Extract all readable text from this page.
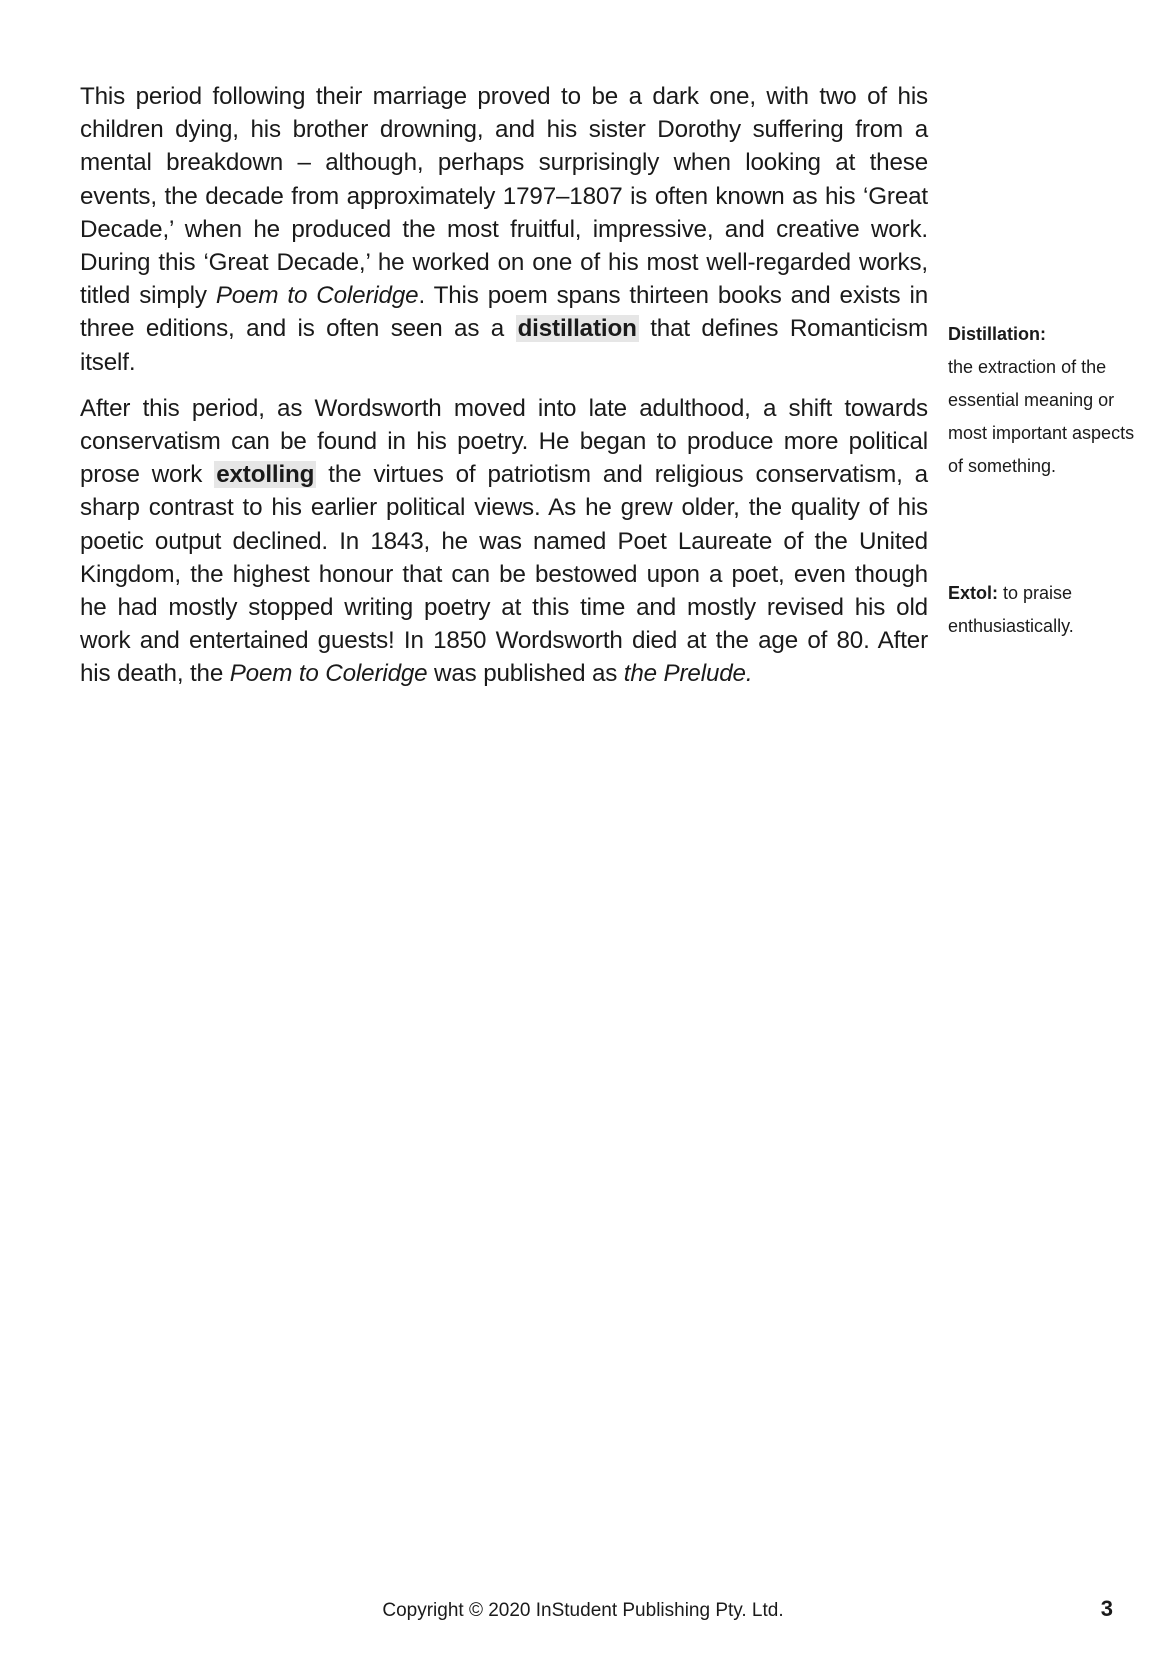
This period following their marriage proved to be a dark one, with two of his children dying, his brother drowning, and his sister Dorothy suffering from a mental breakdown – although, perhaps surprisingly when looking at these events, the decade from approximately 1797–1807 is often known as his ‘Great Decade,’ when he produced the most fruitful, impressive, and creative work. During this ‘Great Decade,’ he worked on one of his most well-regarded works, titled simply Poem to Coleridge. This poem spans thirteen books and exists in three editions, and is often seen as a distillation that defines Romanticism itself.

After this period, as Wordsworth moved into late adulthood, a shift towards conservatism can be found in his poetry. He began to produce more political prose work extolling the virtues of patriotism and religious conservatism, a sharp contrast to his earlier political views. As he grew older, the quality of his poetic output declined. In 1843, he was named Poet Laureate of the United Kingdom, the highest honour that can be bestowed upon a poet, even though he had mostly stopped writing poetry at this time and mostly revised his old work and entertained guests! In 1850 Wordsworth died at the age of 80. After his death, the Poem to Coleridge was published as the Prelude.

Distillation:
the extraction of the essential meaning or most important aspects of something.
Extol: to praise enthusiastically.
Copyright © 2020 InStudent Publishing Pty. Ltd.	3
